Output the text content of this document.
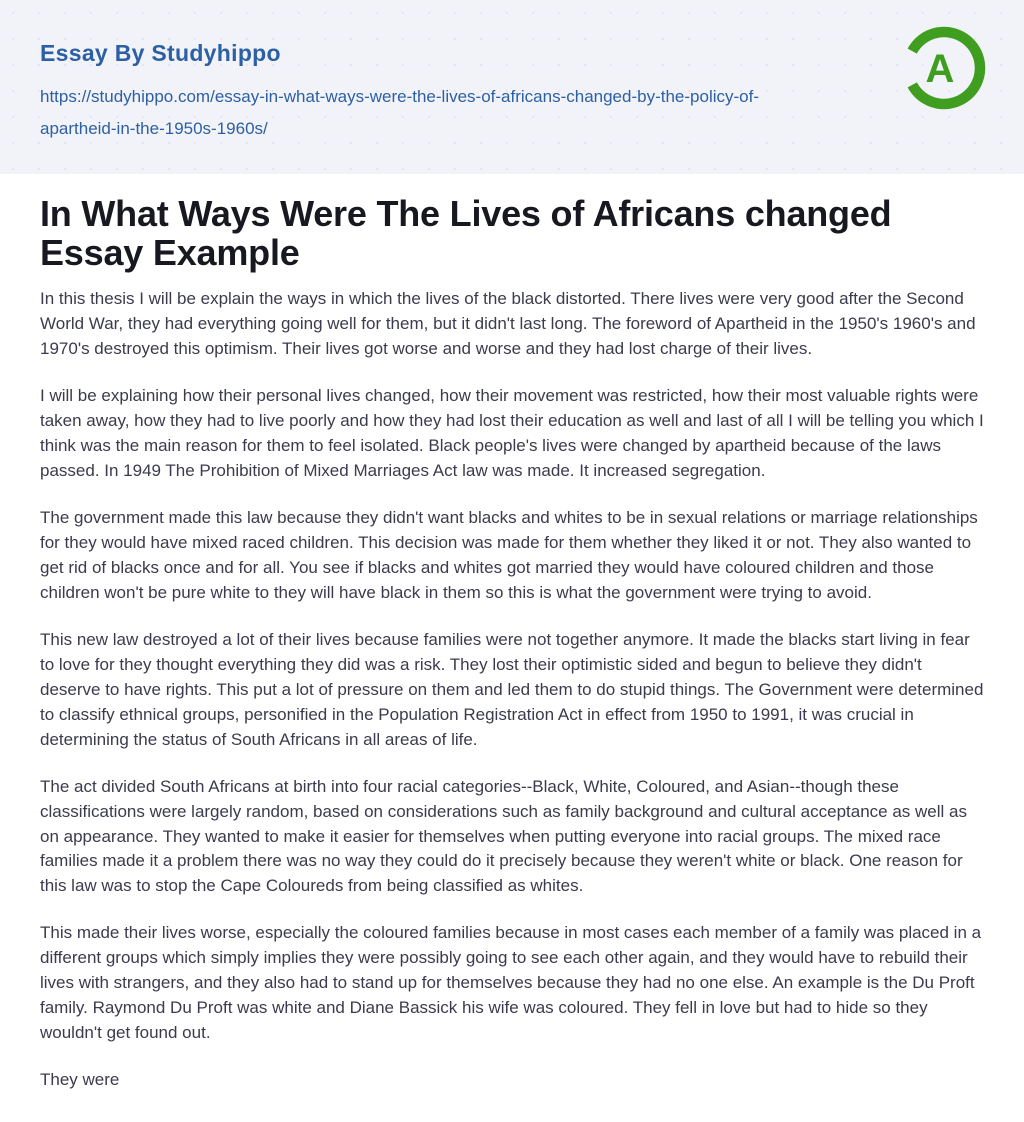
Essay By Studyhippo
https://studyhippo.com/essay-in-what-ways-were-the-lives-of-africans-changed-by-the-policy-of-apartheid-in-the-1950s-1960s/
A
In What Ways Were The Lives of Africans changed Essay Example

In this thesis I will be explain the ways in which the lives of the black distorted. There lives were very good after the Second World War, they had everything going well for them, but it didn't last long. The foreword of Apartheid in the 1950's 1960's and 1970's destroyed this optimism. Their lives got worse and worse and they had lost charge of their lives.

I will be explaining how their personal lives changed, how their movement was restricted, how their most valuable rights were taken away, how they had to live poorly and how they had lost their education as well and last of all I will be telling you which I think was the main reason for them to feel isolated. Black people's lives were changed by apartheid because of the laws passed. In 1949 The Prohibition of Mixed Marriages Act law was made. It increased segregation.

The government made this law because they didn't want blacks and whites to be in sexual relations or marriage relationships for they would have mixed raced children. This decision was made for them whether they liked it or not. They also wanted to get rid of blacks once and for all. You see if blacks and whites got married they would have coloured children and those children won't be pure white to they will have black in them so this is what the government were trying to avoid.

This new law destroyed a lot of their lives because families were not together anymore. It made the blacks start living in fear to love for they thought everything they did was a risk. They lost their optimistic sided and begun to believe they didn't deserve to have rights. This put a lot of pressure on them and led them to do stupid things. The Government were determined to classify ethnical groups, personified in the Population Registration Act in effect from 1950 to 1991, it was crucial in determining the status of South Africans in all areas of life.

The act divided South Africans at birth into four racial categories--Black, White, Coloured, and Asian--though these classifications were largely random, based on considerations such as family background and cultural acceptance as well as on appearance. They wanted to make it easier for themselves when putting everyone into racial groups. The mixed race families made it a problem there was no way they could do it precisely because they weren't white or black. One reason for this law was to stop the Cape Coloureds from being classified as whites.

This made their lives worse, especially the coloured families because in most cases each member of a family was placed in a different groups which simply implies they were possibly going to see each other again, and they would have to rebuild their lives with strangers, and they also had to stand up for themselves because they had no one else. An example is the Du Proft family. Raymond Du Proft was white and Diane Bassick his wife was coloured. They fell in love but had to hide so they wouldn't get found out.

They were
